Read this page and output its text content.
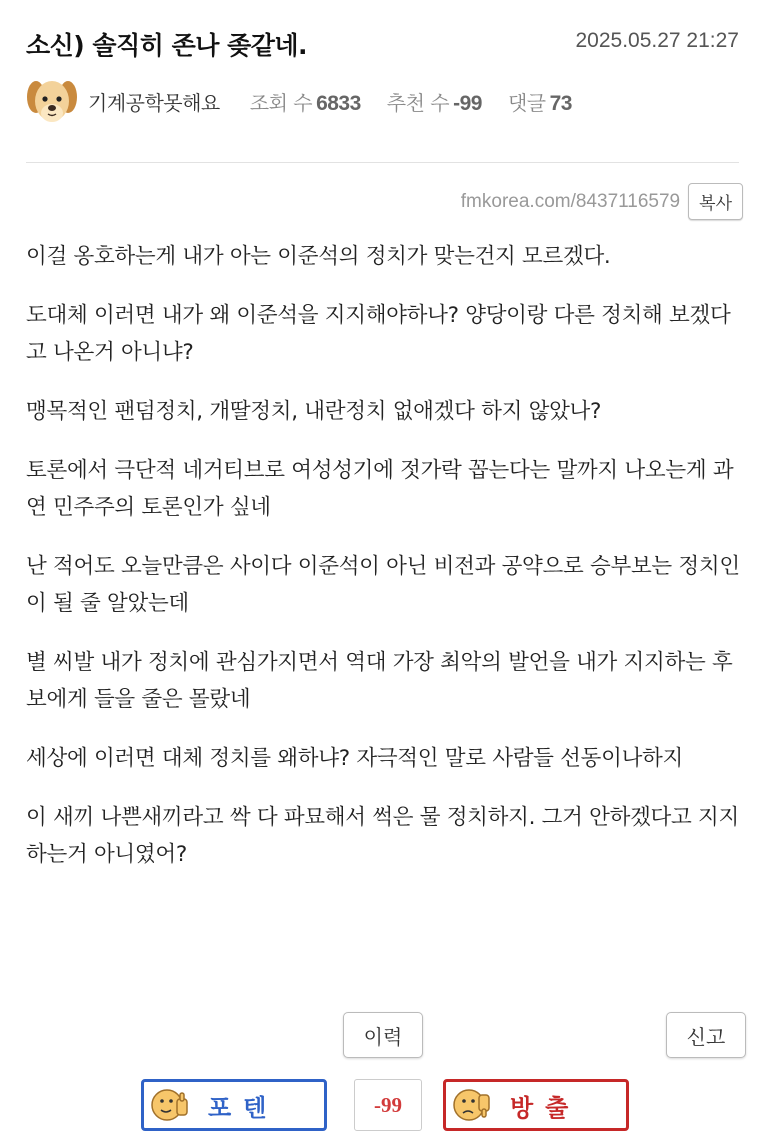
소신) 솔직히 존나 좆같네.	2025.05.27 21:27
기계공학못해요 조회 수 6833 추천 수 -99 댓글 73
fmkorea.com/8437116579	복사

이걸 옹호하는게 내가 아는 이준석의 정치가 맞는건지 모르겠다.

도대체 이러면 내가 왜 이준석을 지지해야하나? 양당이랑 다른 정치해 보겠다고 나온거 아니냐?

맹목적인 팬덤정치, 개딸정치, 내란정치 없애겠다 하지 않았나?

토론에서 극단적 네거티브로 여성성기에 젓가락 꼽는다는 말까지 나오는게 과연 민주주의 토론인가 싶네

난 적어도 오늘만큼은 사이다 이준석이 아닌 비전과 공약으로 승부보는 정치인이 될 줄 알았는데

별 씨발 내가 정치에 관심가지면서 역대 가장 최악의 발언을 내가 지지하는 후보에게 들을 줄은 몰랐네

세상에 이러면 대체 정치를 왜하냐? 자극적인 말로 사람들 선동이나하지

이 새끼 나쁜새끼라고 싹 다 파묘해서 썩은 물 정치하지. 그거 안하겠다고 지지하는거 아니였어?

이력	신고
포텐	-99	방출
